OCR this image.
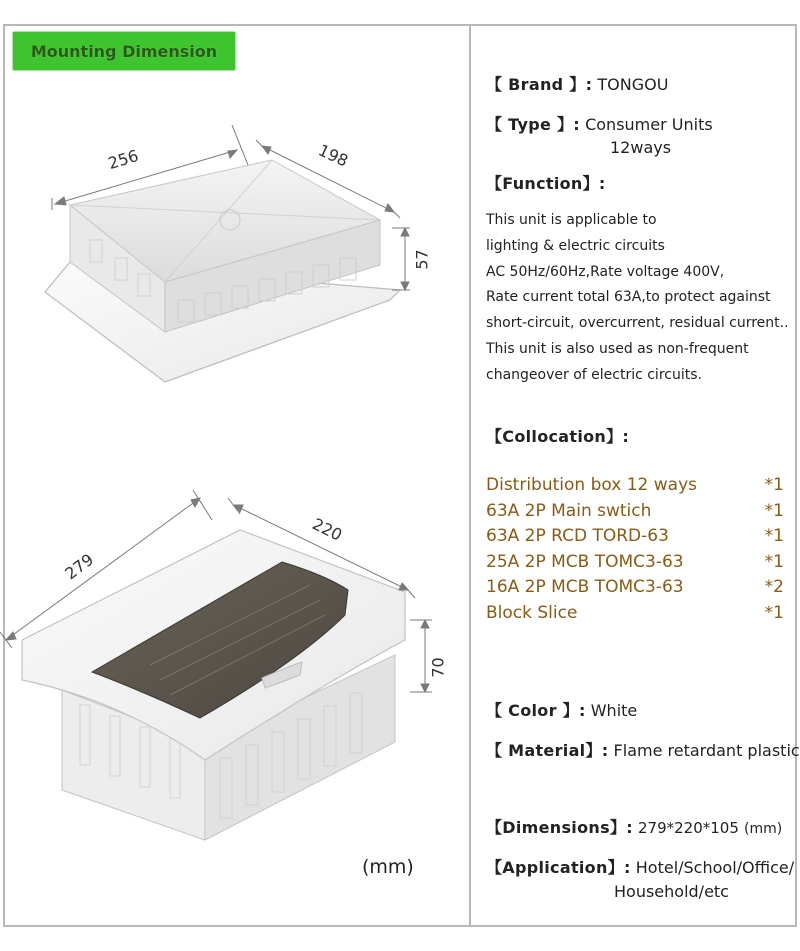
Mounting Dimension
256	198
57
279
220
70
(mm)
【 Brand 】: TONGOU
【 Type 】: Consumer Units
12ways
【Function】:
This unit is applicable to
lighting & electric circuits
AC 50Hz/60Hz,Rate voltage 400V,
Rate current total 63A,to protect against
short-circuit, overcurrent, residual current..
This unit is also used as non-frequent
changeover of electric circuits.
【Collocation】:
Distribution box 12 ways	*1
63A 2P Main swtich	*1
63A 2P RCD TORD-63	*1
25A 2P MCB TOMC3-63	*1
16A 2P MCB TOMC3-63	*2
Block Slice	*1
【 Color 】: White
【 Material】: Flame retardant plastic
【Dimensions】: 279*220*105 (mm)
【Application】: Hotel/School/Office/
Household/etc
